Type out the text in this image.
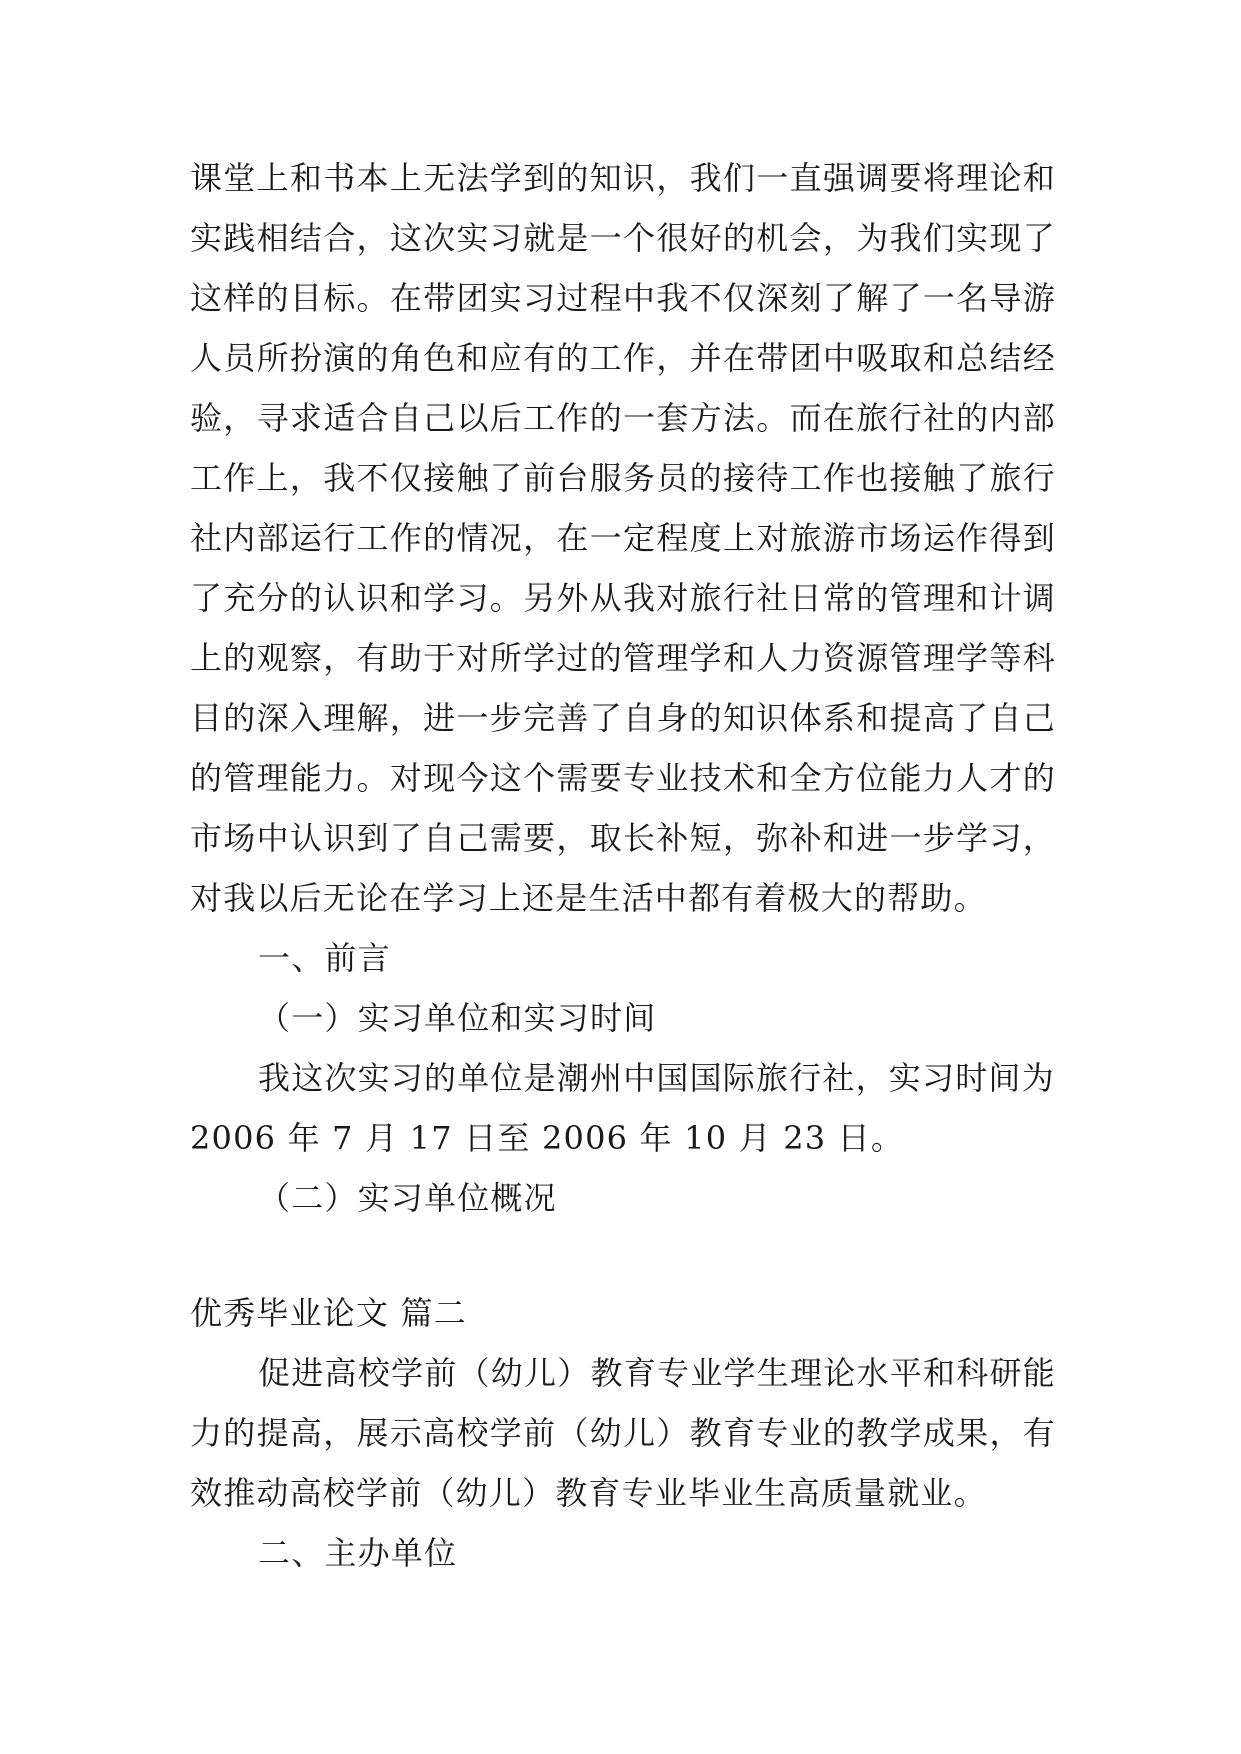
课堂上和书本上无法学到的知识，我们一直强调要将理论和
实践相结合，这次实习就是一个很好的机会，为我们实现了
这样的目标。在带团实习过程中我不仅深刻了解了一名导游
人员所扮演的角色和应有的工作，并在带团中吸取和总结经
验，寻求适合自己以后工作的一套方法。而在旅行社的内部
工作上，我不仅接触了前台服务员的接待工作也接触了旅行
社内部运行工作的情况，在一定程度上对旅游市场运作得到
了充分的认识和学习。另外从我对旅行社日常的管理和计调
上的观察，有助于对所学过的管理学和人力资源管理学等科
目的深入理解，进一步完善了自身的知识体系和提高了自己
的管理能力。对现今这个需要专业技术和全方位能力人才的
市场中认识到了自己需要，取长补短，弥补和进一步学习，
对我以后无论在学习上还是生活中都有着极大的帮助。
一、前言
（一）实习单位和实习时间
我这次实习的单位是潮州中国国际旅行社，实习时间为
2006 年 7 月 17 日至 2006 年 10 月 23 日。
（二）实习单位概况
优秀毕业论文 篇二
促进高校学前（幼儿）教育专业学生理论水平和科研能
力的提高，展示高校学前（幼儿）教育专业的教学成果，有
效推动高校学前（幼儿）教育专业毕业生高质量就业。
二、主办单位
